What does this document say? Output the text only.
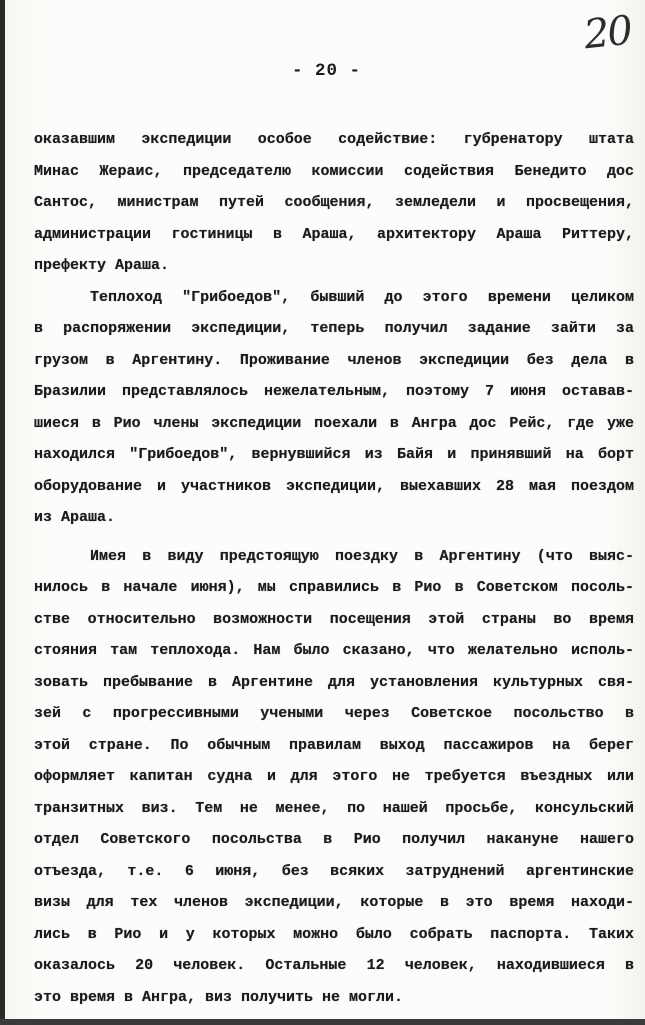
20
- 20 -
оказавшим экспедиции особое содействие: губренатору штата
Минас Жераис, председателю комиссии содействия Бенедито дос
Сантос, министрам путей сообщения, земледели и просвещения,
администрации гостиницы в Араша, архитектору Араша Риттеру,
префекту Араша.
Теплоход "Грибоедов", бывший до этого времени целиком
в распоряжении экспедиции, теперь получил задание зайти за
грузом в Аргентину. Проживание членов экспедиции без дела в
Бразилии представлялось нежелательным, поэтому 7 июня оставав-
шиеся в Рио члены экспедиции поехали в Ангра дос Рейс, где уже
находился "Грибоедов", вернувшийся из Байя и принявший на борт
оборудование и участников экспедиции, выехавших 28 мая поездом
из Араша.
Имея в виду предстоящую поездку в Аргентину (что выяс-
нилось в начале июня), мы справились в Рио в Советском посоль-
стве относительно возможности посещения этой страны во время
стояния там теплохода. Нам было сказано, что желательно исполь-
зовать пребывание в Аргентине для установления культурных свя-
зей с прогрессивными учеными через Советское посольство в
этой стране. По обычным правилам выход пассажиров на берег
оформляет капитан судна и для этого не требуется въездных или
транзитных виз. Тем не менее, по нашей просьбе, консульский
отдел Советского посольства в Рио получил накануне нашего
отъезда, т.е. 6 июня, без всяких затруднений аргентинские
визы для тех членов экспедиции, которые в это время находи-
лись в Рио и у которых можно было собрать паспорта. Таких
оказалось 20 человек. Остальные 12 человек, находившиеся в
это время в Ангра, виз получить не могли.
